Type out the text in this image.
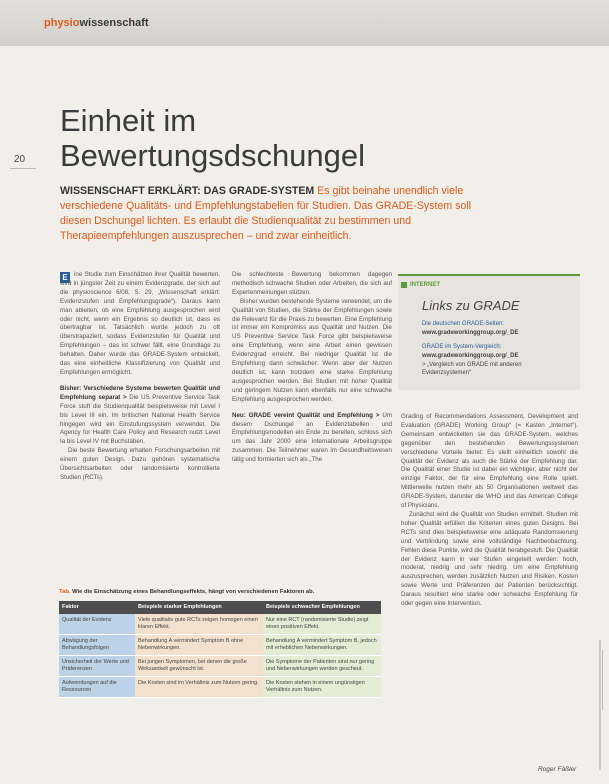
physiowissenschaft
20
Einheit im
Bewertungsdschungel
WISSENSCHAFT ERKLÄRT: DAS GRADE-SYSTEM Es gibt beinahe unendlich viele verschiedene Qualitäts- und Empfehlungstabellen für Studien. Das GRADE-System soll diesen Dschungel lichten. Es erlaubt die Studienqualität zu bestimmen und Therapieempfehlungen auszusprechen – und zwar einheitlich.
E	ine Studie zum Einschätzen ihrer Qualität bewerten, wird in jüngster Zeit zu einem Evidenzgrade, der sich auf die physioscience 6/08, S. 29, „Wissenschaft erklärt: Evidenzstufen und Empfehlungsgrade“). Daraus kann man ableiten, ob eine Empfehlung ausgesprochen wird oder nicht, wenn ein Ergebnis so deutlich ist, dass es übertragbar ist. Tatsächlich wurde jedoch zu oft überstrapaziert, sodass Evidenzstufen für Qualität und Empfehlungen – das ist schwer fällt, eine Grundlage zu behalten. Daher wurde das GRADE-System entwickelt, das eine einheitliche Klassifizierung von Qualität und Empfehlungen ermöglicht.

Bisher: Verschiedene Systeme bewerten Qualität und Empfehlung separat > Die US Preventive Service Task Force stuft die Studienqualität beispielsweise mit Level I bis Level III ein. Im britischen National Health Service hingegen wird ein Einstufungssystem verwendet. Die Agency for Health Care Policy and Research nutzt Level Ia bis Level IV mit Buchstaben.

Die beste Bewertung erhalten Forschungsarbeiten mit einem guten Design. Dazu gehören systematische Übersichtsarbeiten oder randomisierte kontrollierte Studien (RCTs).

Die schlechteste Bewertung bekommen dagegen methodisch schwache Studien oder Arbeiten, die sich auf Expertenmeinungen stützen.

Bisher wurden bestehende Systeme verwendet, um die Qualität von Studien, die Stärke der Empfehlungen sowie die Relevanz für die Praxis zu bewerten. Eine Empfehlung ist immer ein Kompromiss aus Qualität und Nutzen. Die US Preventive Service Task Force gibt beispielsweise eine Empfehlung, wenn eine Arbeit einen gewissen Evidenzgrad erreicht. Bei niedriger Qualität ist die Empfehlung dann schwächer. Wenn aber der Nutzen deutlich ist, kann trotzdem eine starke Empfehlung ausgesprochen werden. Bei Studien mit hoher Qualität und geringem Nutzen kann ebenfalls nur eine schwache Empfehlung ausgesprochen werden.

Neu: GRADE vereint Qualität und Empfehlung > Um diesem Dschungel an Evidenztabellen und Empfehlungsmodellen ein Ende zu bereiten, schloss sich um das Jahr 2000 eine internationale Arbeitsgruppe zusammen. Die Teilnehmer waren im Gesundheitswesen tätig und formierten sich als „The

INTERNET
Links zu GRADE
Die deutschen GRADE-Seiten:
www.gradeworkinggroup.org/_DE
GRADE im System-Vergleich:
www.gradeworkinggroup.org/_DE
> „Vergleich von GRADE mit anderen Evidenzsystemen“

Grading of Recommendations Assessment, Development and Evaluation (GRADE) Working Group“ (= Kasten „Internet“). Gemeinsam entwickelten sie das GRADE-System, welches gegenüber den bestehenden Bewertungssystemen verschiedene Vorteile bietet: Es stellt einheitlich sowohl die Qualität der Evidenz als auch die Stärke der Empfehlung dar. Die Qualität einer Studie ist dabei ein wichtiger, aber nicht der einzige Faktor, der für eine Empfehlung eine Rolle spielt. Mittlerweile nutzen mehr als 50 Organisationen weltweit das GRADE-System, darunter die WHO und das American College of Physicians.

Zunächst wird die Qualität von Studien ermittelt. Studien mit hoher Qualität erfüllen die Kriterien eines guten Designs. Bei RCTs sind dies beispielsweise eine adäquate Randomisierung und Verblindung sowie eine vollständige Nachbeobachtung. Fehlen diese Punkte, wird die Qualität herabgestuft. Die Qualität der Evidenz kann in vier Stufen eingeteilt werden: hoch, moderat, niedrig und sehr niedrig. Um eine Empfehlung auszusprechen, werden zusätzlich Nutzen und Risiken, Kosten sowie Werte und Präferenzen der Patienten berücksichtigt. Daraus resultiert eine starke oder schwache Empfehlung für oder gegen eine Intervention.

Tab. Wie die Einschätzung eines Behandlungseffekts, hängt von verschiedenen Faktoren ab.
Faktor	Beispiele starker Empfehlungen	Beispiele schwacher Empfehlungen
Qualität der Evidenz	Viele qualitativ gute RCTs zeigen homogen einen klaren Effekt.	Nur eine RCT (randomisierte Studie) zeigt einen positiven Effekt.
Abwägung der Behandlungsfolgen	Behandlung A vermindert Symptom B ohne Nebenwirkungen.	Behandlung A vermindert Symptom B, jedoch mit erheblichen Nebenwirkungen.
Unsicherheit der Werte und Präferenzen	Bei jungen Symptomen, bei denen die große Wirksamkeit gewünscht ist.	Die Symptome der Patienten sind nur gering und Nebenwirkungen werden gescheut.
Aufwendungen auf die Ressourcen	Die Kosten sind im Verhältnis zum Nutzen gering.	Die Kosten stehen in einem ungünstigen Verhältnis zum Nutzen.
Roger Fäßler
